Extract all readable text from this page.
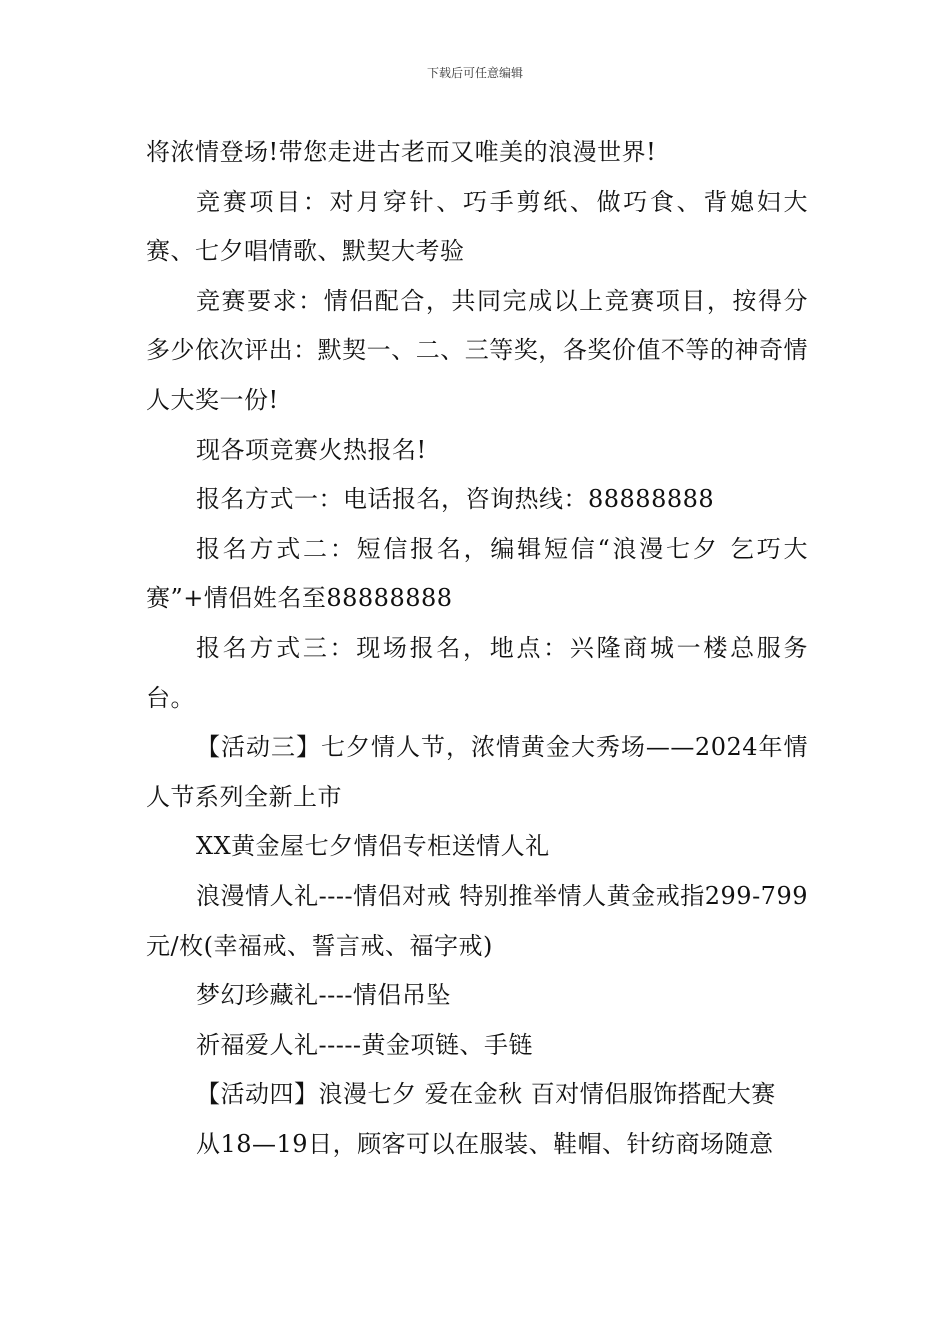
下载后可任意编辑

将浓情登场!带您走进古老而又唯美的浪漫世界!

竞赛项目：对月穿针、巧手剪纸、做巧食、背媳妇大赛、七夕唱情歌、默契大考验

竞赛要求：情侣配合，共同完成以上竞赛项目，按得分多少依次评出：默契一、二、三等奖，各奖价值不等的神奇情人大奖一份!

现各项竞赛火热报名!

报名方式一：电话报名，咨询热线：88888888

报名方式二：短信报名，编辑短信“浪漫七夕 乞巧大赛”+情侣姓名至88888888

报名方式三：现场报名，地点：兴隆商城一楼总服务台。

【活动三】七夕情人节，浓情黄金大秀场——2024年情人节系列全新上市

XX黄金屋七夕情侣专柜送情人礼

浪漫情人礼----情侣对戒 特别推举情人黄金戒指299-799元/枚(幸福戒、誓言戒、福字戒)

梦幻珍藏礼----情侣吊坠

祈福爱人礼-----黄金项链、手链

【活动四】浪漫七夕 爱在金秋 百对情侣服饰搭配大赛

从18—19日，顾客可以在服装、鞋帽、针纺商场随意
